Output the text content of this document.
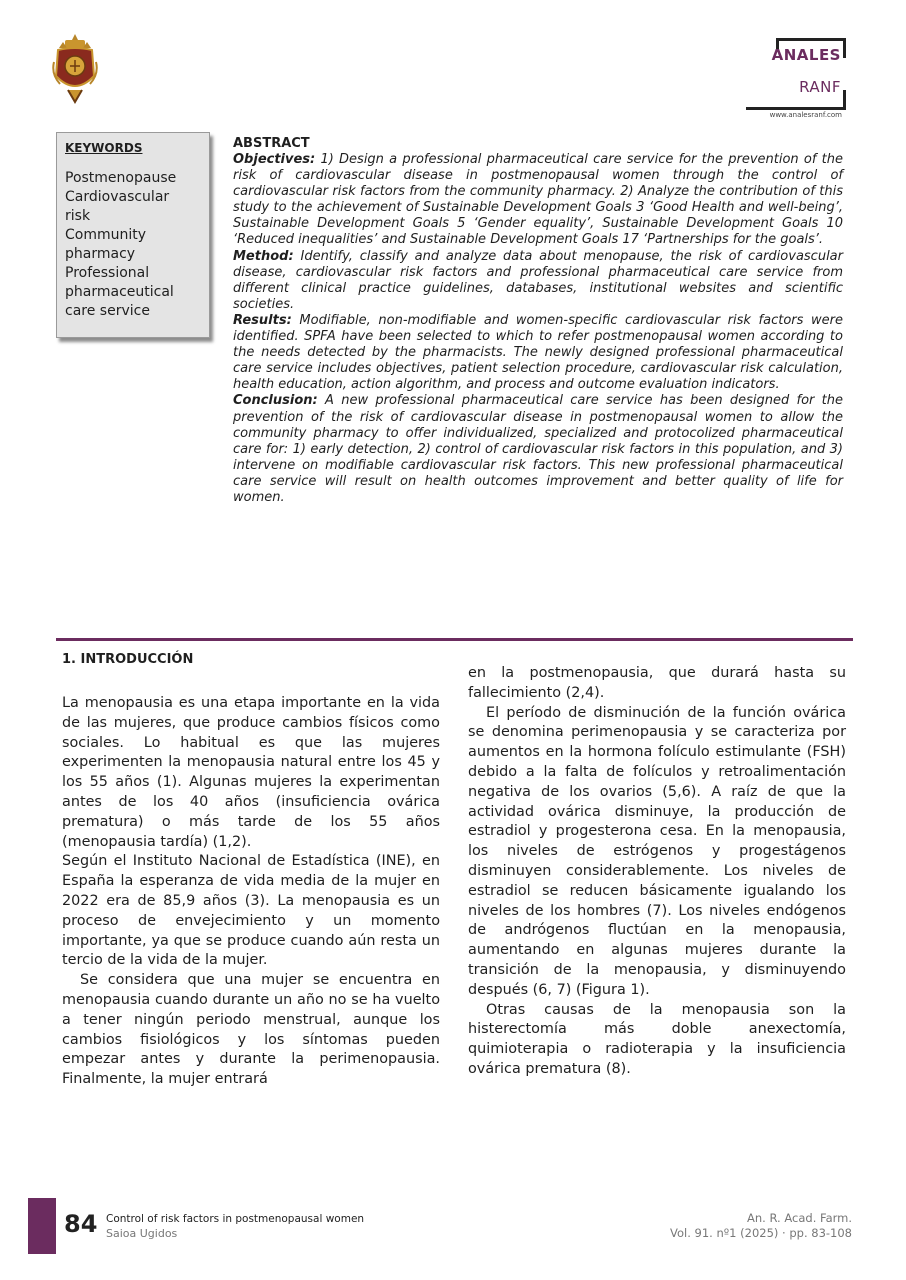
ANALES
RANF
www.analesranf.com
KEYWORDS
Postmenopause
Cardiovascular
risk
Community
pharmacy
Professional
pharmaceutical
care service
ABSTRACT

Objectives: 1) Design a professional pharmaceutical care service for the prevention of the risk of cardiovascular disease in postmenopausal women through the control of cardiovascular risk factors from the community pharmacy. 2) Analyze the contribution of this study to the achievement of Sustainable Development Goals 3 ‘Good Health and well-being’, Sustainable Development Goals 5 ‘Gender equality’, Sustainable Development Goals 10 ‘Reduced inequalities’ and Sustainable Development Goals 17 ‘Partnerships for the goals’.

Method: Identify, classify and analyze data about menopause, the risk of cardiovascular disease, cardiovascular risk factors and professional pharmaceutical care service from different clinical practice guidelines, databases, institutional websites and scientific societies.

Results: Modifiable, non-modifiable and women-specific cardiovascular risk factors were identified. SPFA have been selected to which to refer postmenopausal women according to the needs detected by the pharmacists. The newly designed professional pharmaceutical care service includes objectives, patient selection procedure, cardiovascular risk calculation, health education, action algorithm, and process and outcome evaluation indicators.

Conclusion: A new professional pharmaceutical care service has been designed for the prevention of the risk of cardiovascular disease in postmenopausal women to allow the community pharmacy to offer individualized, specialized and protocolized pharmaceutical care for: 1) early detection, 2) control of cardiovascular risk factors in this population, and 3) intervene on modifiable cardiovascular risk factors. This new professional pharmaceutical care service will result on health outcomes improvement and better quality of life for women.

1. INTRODUCCIÓN

La menopausia es una etapa importante en la vida de las mujeres, que produce cambios físicos como sociales. Lo habitual es que las mujeres experimenten la menopausia natural entre los 45 y los 55 años (1). Algunas mujeres la experimentan antes de los 40 años (insuficiencia ovárica prematura) o más tarde de los 55 años (menopausia tardía) (1,2).

Según el Instituto Nacional de Estadística (INE), en España la esperanza de vida media de la mujer en 2022 era de 85,9 años (3). La menopausia es un proceso de envejecimiento y un momento importante, ya que se produce cuando aún resta un tercio de la vida de la mujer.

Se considera que una mujer se encuentra en menopausia cuando durante un año no se ha vuelto a tener ningún periodo menstrual, aunque los cambios fisiológicos y los síntomas pueden empezar antes y durante la perimenopausia. Finalmente, la mujer entrará

en la postmenopausia, que durará hasta su fallecimiento (2,4).

El período de disminución de la función ovárica se denomina perimenopausia y se caracteriza por aumentos en la hormona folículo estimulante (FSH) debido a la falta de folículos y retroalimentación negativa de los ovarios (5,6). A raíz de que la actividad ovárica disminuye, la producción de estradiol y progesterona cesa. En la menopausia, los niveles de estrógenos y progestágenos disminuyen considerablemente. Los niveles de estradiol se reducen básicamente igualando los niveles de los hombres (7). Los niveles endógenos de andrógenos fluctúan en la menopausia, aumentando en algunas mujeres durante la transición de la menopausia, y disminuyendo después (6, 7) (Figura 1).

Otras causas de la menopausia son la histerectomía más doble anexectomía, quimioterapia o radioterapia y la insuficiencia ovárica prematura (8).

84 Control of risk factors in postmenopausal women
Saioa Ugidos
An. R. Acad. Farm.
Vol. 91. nº1 (2025) · pp. 83-108
